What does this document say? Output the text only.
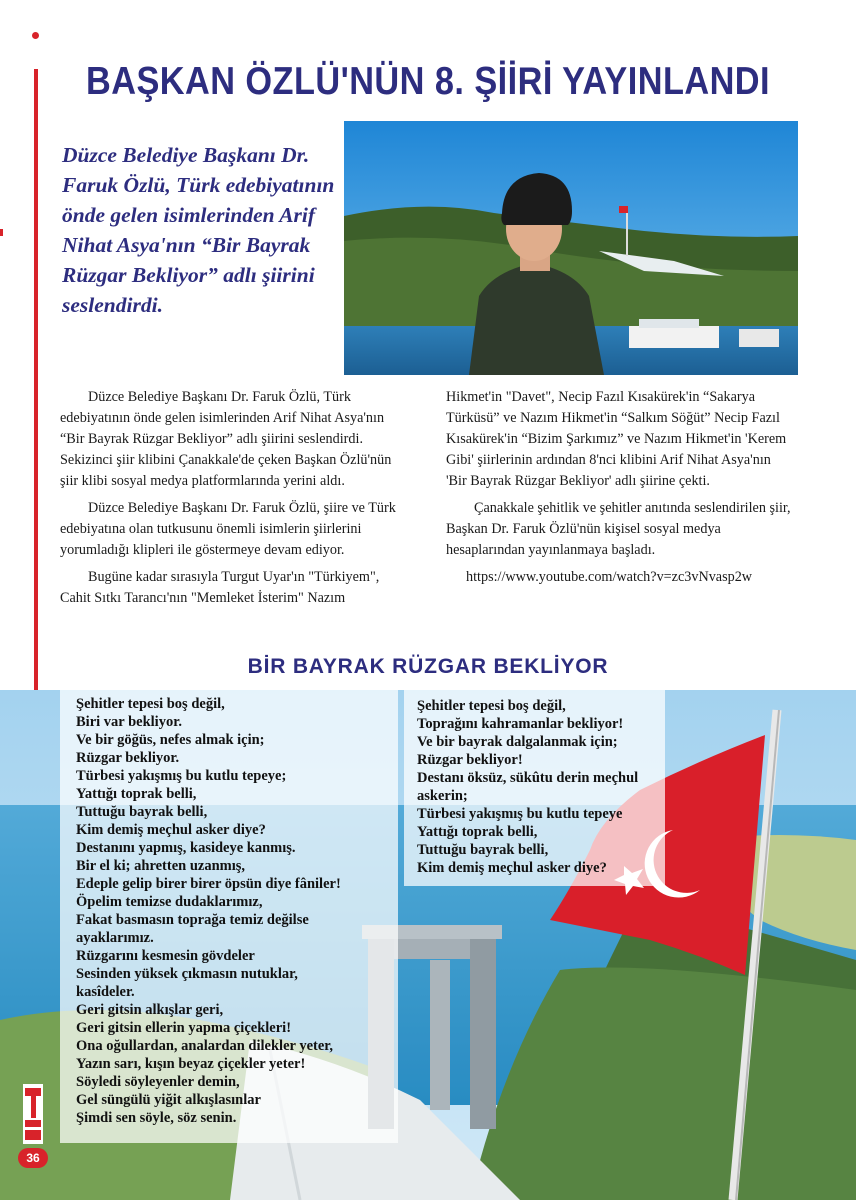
BAŞKAN ÖZLÜ'NÜN 8. ŞİİRİ YAYINLANDI
Düzce Belediye Başkanı Dr. Faruk Özlü, Türk edebiyatının önde gelen isimlerinden Arif Nihat Asya'nın “Bir Bayrak Rüzgar Bekliyor” adlı şiirini seslendirdi.

Düzce Belediye Başkanı Dr. Faruk Özlü, Türk edebiyatının önde gelen isimlerinden Arif Nihat Asya'nın “Bir Bayrak Rüzgar Bekliyor” adlı şiirini seslendirdi. Sekizinci şiir klibini Çanakkale'de çeken Başkan Özlü'nün şiir klibi sosyal medya platformlarında yerini aldı.

Düzce Belediye Başkanı Dr. Faruk Özlü, şiire ve Türk edebiyatına olan tutkusunu önemli isimlerin şiirlerini yorumladığı klipleri ile göstermeye devam ediyor.

Bugüne kadar sırasıyla Turgut Uyar'ın "Türkiyem", Cahit Sıtkı Tarancı'nın "Memleket İsterim" Nazım

Hikmet'in "Davet", Necip Fazıl Kısakürek'in “Sakarya Türküsü” ve Nazım Hikmet'in “Salkım Söğüt” Necip Fazıl Kısakürek'in “Bizim Şarkımız” ve Nazım Hikmet'in 'Kerem Gibi' şiirlerinin ardından 8'nci klibini Arif Nihat Asya'nın 'Bir Bayrak Rüzgar Bekliyor' adlı şiirine çekti.

Çanakkale şehitlik ve şehitler anıtında seslendirilen şiir, Başkan Dr. Faruk Özlü'nün kişisel sosyal medya hesaplarından yayınlanmaya başladı.

https://www.youtube.com/watch?v=zc3vNvasp2w

BİR BAYRAK RÜZGAR BEKLİYOR
Şehitler tepesi boş değil,
Biri var bekliyor.
Ve bir göğüs, nefes almak için;
Rüzgar bekliyor.
Türbesi yakışmış bu kutlu tepeye;
Yattığı toprak belli,
Tuttuğu bayrak belli,
Kim demiş meçhul asker diye?
Destanını yapmış, kasideye kanmış.
Bir el ki; ahretten uzanmış,
Edeple gelip birer birer öpsün diye fâniler!
Öpelim temizse dudaklarımız,
Fakat basmasın toprağa temiz değilse
ayaklarımız.
Rüzgarını kesmesin gövdeler
Sesinden yüksek çıkmasın nutuklar,
kasîdeler.
Geri gitsin alkışlar geri,
Geri gitsin ellerin yapma çiçekleri!
Ona oğullardan, analardan dilekler yeter,
Yazın sarı, kışın beyaz çiçekler yeter!
Söyledi söyleyenler demin,
Gel süngülü yiğit alkışlasınlar
Şimdi sen söyle, söz senin.
Şehitler tepesi boş değil,
Toprağını kahramanlar bekliyor!
Ve bir bayrak dalgalanmak için;
Rüzgar bekliyor!
Destanı öksüz, sükûtu derin meçhul askerin;
Türbesi yakışmış bu kutlu tepeye
Yattığı toprak belli,
Tuttuğu bayrak belli,
Kim demiş meçhul asker diye?
36
